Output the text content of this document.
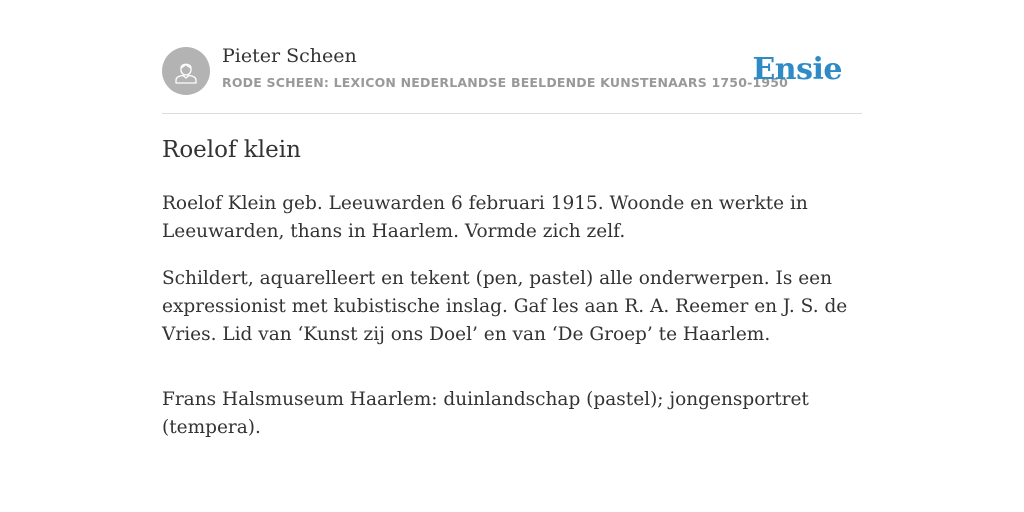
Pieter Scheen
RODE SCHEEN: LEXICON NEDERLANDSE BEELDENDE KUNSTENAARS 1750-1950
Ensie
Roelof klein

Roelof Klein geb. Leeuwarden 6 februari 1915. Woonde en werkte in Leeuwarden, thans in Haarlem. Vormde zich zelf.

Schildert, aquarelleert en tekent (pen, pastel) alle onderwerpen. Is een expressionist met kubistische inslag. Gaf les aan R. A. Reemer en J. S. de Vries. Lid van ‘Kunst zij ons Doel’ en van ‘De Groep’ te Haarlem.

Frans Halsmuseum Haarlem: duinlandschap (pastel); jongensportret (tempera).
